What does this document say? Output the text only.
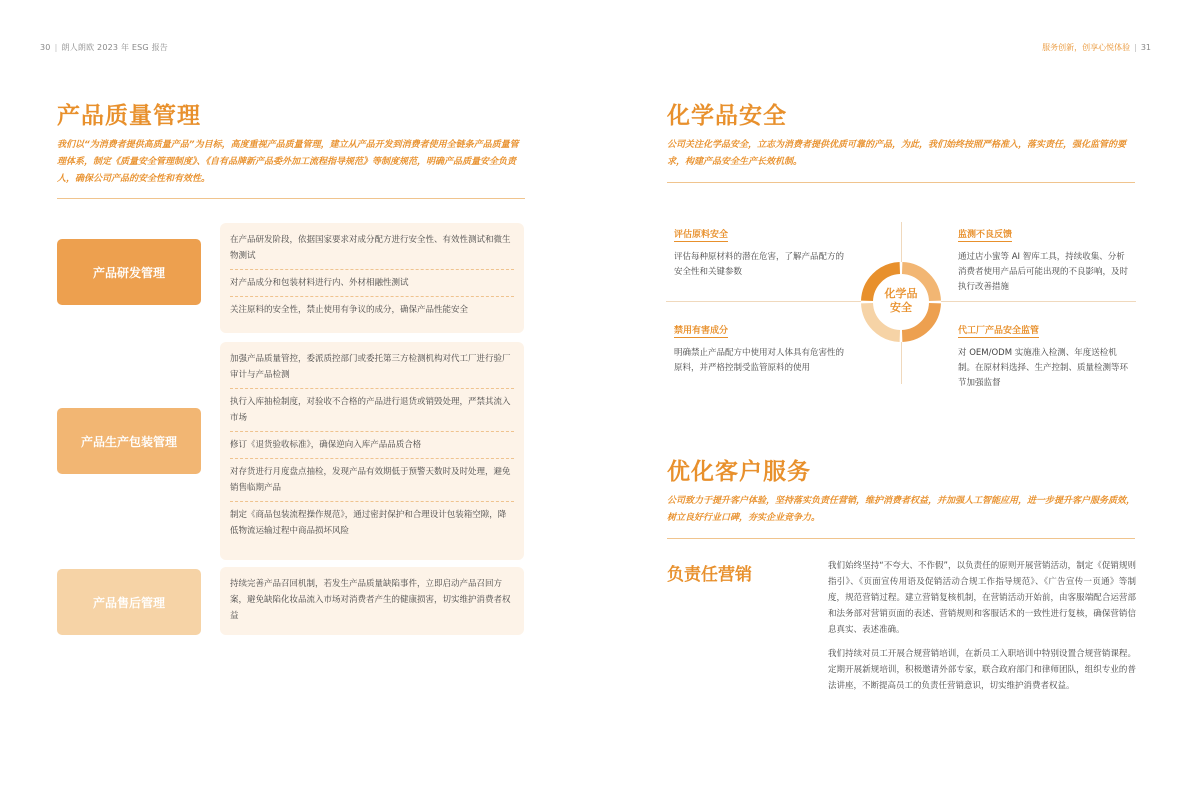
30 | 朗人朗欧 2023 年 ESG 报告	服务创新，创享心悦体验 | 31
产品质量管理
我们以“为消费者提供高质量产品”为目标，高度重视产品质量管理，建立从产品开发到消费者使用全链条产品质量管理体系，制定《质量安全管理制度》、《自有品牌新产品委外加工流程指导规范》等制度规范，明确产品质量安全负责人，确保公司产品的安全性和有效性。
产品研发管理
在产品研发阶段，依据国家要求对成分配方进行安全性、有效性测试和微生物测试
对产品成分和包装材料进行内、外材相融性测试
关注原料的安全性，禁止使用有争议的成分，确保产品性能安全
产品生产包装管理
加强产品质量管控，委派质控部门或委托第三方检测机构对代工厂进行验厂审计与产品检测
执行入库抽检制度，对验收不合格的产品进行退货或销毁处理，严禁其流入市场
修订《退货验收标准》，确保逆向入库产品品质合格
对存货进行月度盘点抽检，发现产品有效期低于预警天数时及时处理，避免销售临期产品
制定《商品包装流程操作规范》，通过密封保护和合理设计包装箱空隙，降低物流运输过程中商品损坏风险
产品售后管理
持续完善产品召回机制，若发生产品质量缺陷事件，立即启动产品召回方案，避免缺陷化妆品流入市场对消费者产生的健康损害，切实维护消费者权益
化学品安全
公司关注化学品安全，立志为消费者提供优质可靠的产品，为此，我们始终按照严格准入，落实责任，强化监管的要求，构建产品安全生产长效机制。
评估原料安全
评估每种原材料的潜在危害，了解产品配方的安全性和关键参数
监测不良反馈
通过店小蜜等 AI 智库工具，持续收集、分析消费者使用产品后可能出现的不良影响，及时执行改善措施
禁用有害成分
明确禁止产品配方中使用对人体具有危害性的原料，并严格控制受监管原料的使用
代工厂产品安全监管
对 OEM/ODM 实施准入检测、年度送检机制。在原材料选择、生产控制、质量检测等环节加强监督
化学品
安全
优化客户服务
公司致力于提升客户体验，坚持落实负责任营销，维护消费者权益，并加强人工智能应用，进一步提升客户服务质效，树立良好行业口碑，夯实企业竞争力。
负责任营销	我们始终坚持“不夸大、不作假”，以负责任的原则开展营销活动，制定《促销规则指引》、《页面宣传用语及促销活动合规工作指导规范》、《广告宣传一页通》等制度，规范营销过程。建立营销复核机制，在营销活动开始前，由客服端配合运营部和法务部对营销页面的表述、营销规则和客服话术的一致性进行复核，确保营销信息真实、表述准确。
我们持续对员工开展合规营销培训，在新员工入职培训中特别设置合规营销课程。定期开展新规培训，积极邀请外部专家，联合政府部门和律师团队，组织专业的普法讲座，不断提高员工的负责任营销意识，切实维护消费者权益。
